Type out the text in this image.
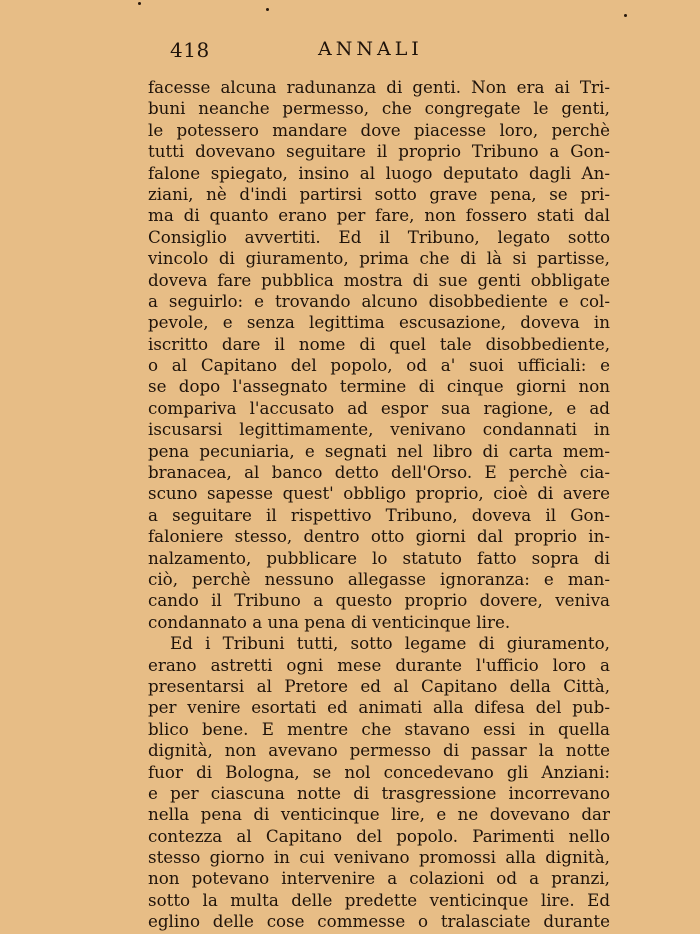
418	ANNALI
facesse alcuna radunanza di genti. Non era ai Tri-
buni neanche permesso, che congregate le genti,
le potessero mandare dove piacesse loro, perchè
tutti dovevano seguitare il proprio Tribuno a Gon-
falone spiegato, insino al luogo deputato dagli An-
ziani, nè d'indi partirsi sotto grave pena, se pri-
ma di quanto erano per fare, non fossero stati dal
Consiglio avvertiti. Ed il Tribuno, legato sotto
vincolo di giuramento, prima che di là si partisse,
doveva fare pubblica mostra di sue genti obbligate
a seguirlo: e trovando alcuno disobbediente e col-
pevole, e senza legittima escusazione, doveva in
iscritto dare il nome di quel tale disobbediente,
o al Capitano del popolo, od a' suoi ufficiali: e
se dopo l'assegnato termine di cinque giorni non
compariva l'accusato ad espor sua ragione, e ad
iscusarsi legittimamente, venivano condannati in
pena pecuniaria, e segnati nel libro di carta mem-
branacea, al banco detto dell'Orso. E perchè cia-
scuno sapesse quest' obbligo proprio, cioè di avere
a seguitare il rispettivo Tribuno, doveva il Gon-
faloniere stesso, dentro otto giorni dal proprio in-
nalzamento, pubblicare lo statuto fatto sopra di
ciò, perchè nessuno allegasse ignoranza: e man-
cando il Tribuno a questo proprio dovere, veniva
condannato a una pena di venticinque lire.
Ed i Tribuni tutti, sotto legame di giuramento,
erano astretti ogni mese durante l'ufficio loro a
presentarsi al Pretore ed al Capitano della Città,
per venire esortati ed animati alla difesa del pub-
blico bene. E mentre che stavano essi in quella
dignità, non avevano permesso di passar la notte
fuor di Bologna, se nol concedevano gli Anziani:
e per ciascuna notte di trasgressione incorrevano
nella pena di venticinque lire, e ne dovevano dar
contezza al Capitano del popolo. Parimenti nello
stesso giorno in cui venivano promossi alla dignità,
non potevano intervenire a colazioni od a pranzi,
sotto la multa delle predette venticinque lire. Ed
eglino delle cose commesse o tralasciate durante
